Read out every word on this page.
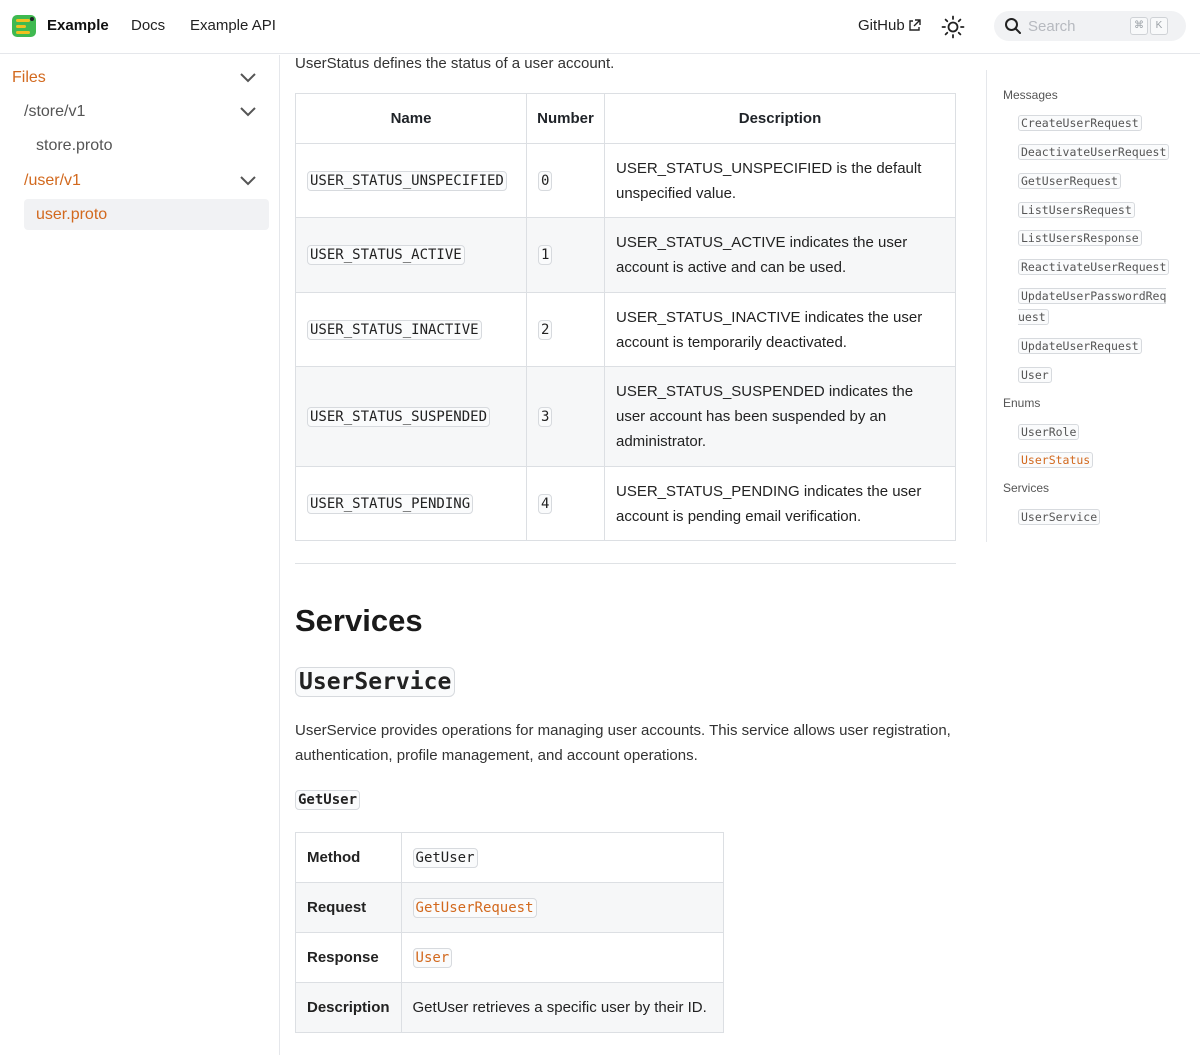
Example Docs Example API	GitHub
Search	⌘	K
Files
/store/v1
store.proto
/user/v1
user.proto

UserStatus defines the status of a user account.

Name	Number	Description
USER_STATUS_UNSPECIFIED	0	USER_STATUS_UNSPECIFIED is the default unspecified value.
USER_STATUS_ACTIVE	1	USER_STATUS_ACTIVE indicates the user account is active and can be used.
USER_STATUS_INACTIVE	2	USER_STATUS_INACTIVE indicates the user account is temporarily deactivated.
USER_STATUS_SUSPENDED	3	USER_STATUS_SUSPENDED indicates the user account has been suspended by an administrator.
USER_STATUS_PENDING	4	USER_STATUS_PENDING indicates the user account is pending email verification.
Services
UserService

UserService provides operations for managing user accounts. This service allows user registration, authentication, profile management, and account operations.

GetUser
Method	GetUser
Request	GetUserRequest
Response	User
Description	GetUser retrieves a specific user by their ID.
Messages
CreateUserRequest
DeactivateUserRequest
GetUserRequest
ListUsersRequest
ListUsersResponse
ReactivateUserRequest
UpdateUserPasswordReq
uest
UpdateUserRequest
User
Enums
UserRole
UserStatus
Services
UserService
